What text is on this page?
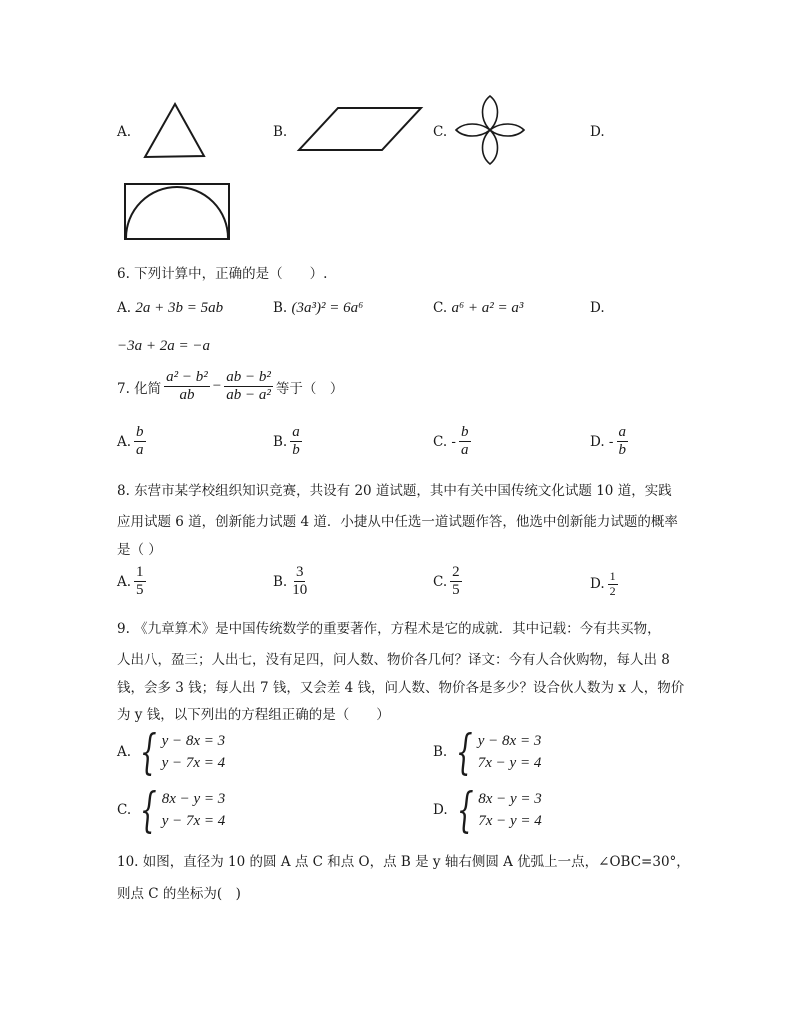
A.	B.	C.	D.
6. 下列计算中，正确的是（　　）.
A. 2a + 3b = 5ab	B. (3a³)² = 6a⁶	C. a⁶ + a² = a³	D.
−3a + 2a = −a
7. 化简 $\frac{\text{a² − b²}}{ab} - \frac{\text{ab − b²}}{\text{ab − a²}}$ 等于（　）
A. $\frac{b}{a}$	B. $\frac{a}{b}$	C. - $\frac{b}{a}$	D. - $\frac{a}{b}$
8. 东营市某学校组织知识竞赛，共设有 20 道试题，其中有关中国传统文化试题 10 道，实践
应用试题 6 道，创新能力试题 4 道．小捷从中任选一道试题作答，他选中创新能力试题的概率
是（ ）
A. $\frac{1}{5}$	B. $\frac{3}{10}$	C. $\frac{2}{5}$	D. $\frac{1}{2}$
9. 《九章算术》是中国传统数学的重要著作，方程术是它的成就．其中记载：今有共买物，
人出八，盈三；人出七，没有足四，问人数、物价各几何？译文：今有人合伙购物，每人出 8
钱，会多 3 钱；每人出 7 钱，又会差 4 钱，问人数、物价各是多少？设合伙人数为 x 人，物价
为 y 钱，以下列出的方程组正确的是（　　）
A. { y − 8x = 3
y − 7x = 4
B. { y − 8x = 3
7x − y = 4
C. { 8x − y = 3
y − 7x = 4
D. { 8x − y = 3
7x − y = 4
10. 如图，直径为 10 的圆 A 点 C 和点 O，点 B 是 y 轴右侧圆 A 优弧上一点，∠OBC=30°，
则点 C 的坐标为(　)
